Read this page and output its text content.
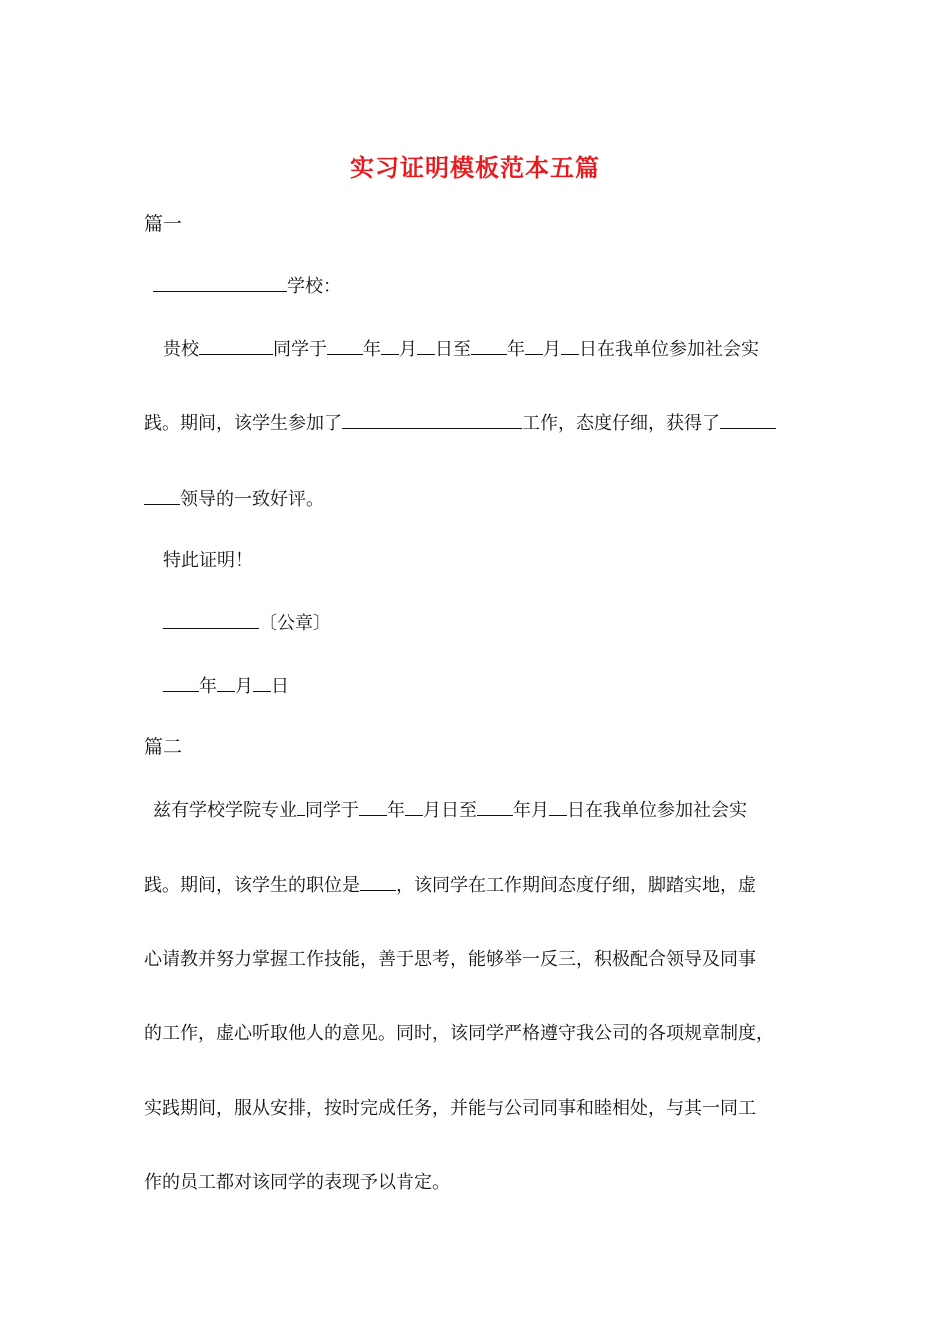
实习证明模板范本五篇
篇一
学校：
贵校	同学于 年 月 日至 年 月 日在我单位参加社会实
践。期间，该学生参加了	工作，态度仔细，获得了
领导的一致好评。
特此证明！
〔公章〕
年 月 日
篇二
兹有学校学院专业 同学于 年 月日至 年月 日在我单位参加社会实
践。期间，该学生的职位是 ，该同学在工作期间态度仔细，脚踏实地，虚
心请教并努力掌握工作技能，善于思考，能够举一反三，积极配合领导及同事
的工作，虚心听取他人的意见。同时，该同学严格遵守我公司的各项规章制度，
实践期间，服从安排，按时完成任务，并能与公司同事和睦相处，与其一同工
作的员工都对该同学的表现予以肯定。
